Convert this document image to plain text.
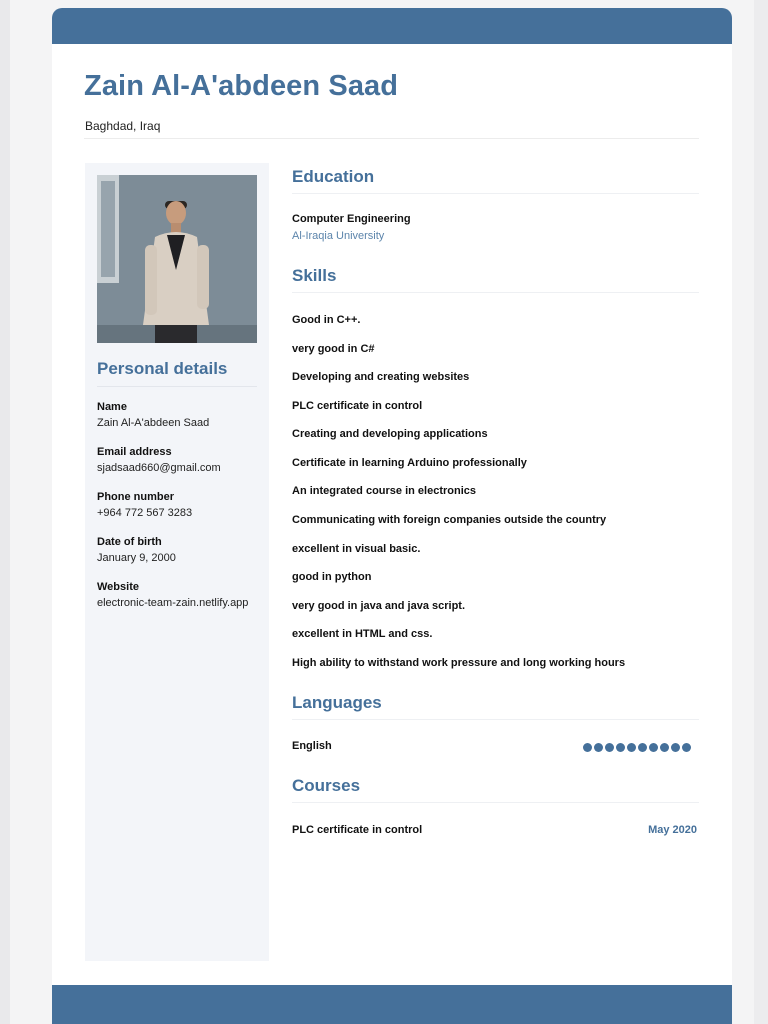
Zain Al-A'abdeen Saad
Baghdad, Iraq
Personal details
Name
Zain Al-A'abdeen Saad
Email address
sjadsaad660@gmail.com
Phone number
+964 772 567 3283
Date of birth
January 9, 2000
Website
electronic-team-zain.netlify.app
Education
Computer Engineering
Al-Iraqia University
Skills
Good in C++.
very good in C#
Developing and creating websites
PLC certificate in control
Creating and developing applications
Certificate in learning Arduino professionally
An integrated course in electronics
Communicating with foreign companies outside the country
excellent in visual basic.
good in python
very good in java and java script.
excellent in HTML and css.
High ability to withstand work pressure and long working hours
Languages
English
Courses
PLC certificate in control	May 2020
